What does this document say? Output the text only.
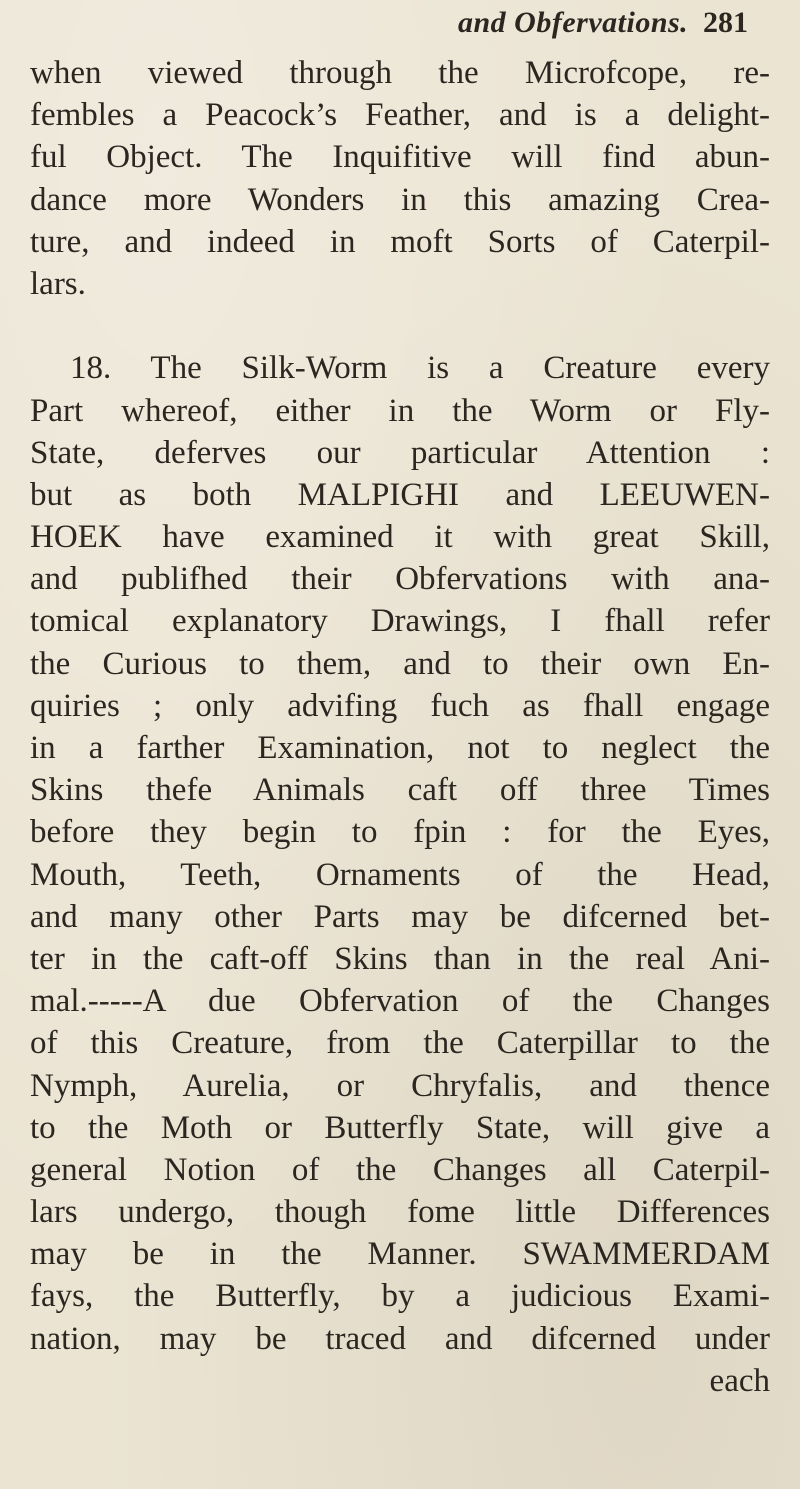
and Obfervations. 281
when viewed through the Microfcope, re-
fembles a Peacock’s Feather, and is a delight-
ful Object. The Inquifitive will find abun-
dance more Wonders in this amazing Crea-
ture, and indeed in moft Sorts of Caterpil-
lars.
18. The Silk-Worm is a Creature every
Part whereof, either in the Worm or Fly-
State, deferves our particular Attention :
but as both MALPIGHI and LEEUWEN-
HOEK have examined it with great Skill,
and publifhed their Obfervations with ana-
tomical explanatory Drawings, I fhall refer
the Curious to them, and to their own En-
quiries ; only advifing fuch as fhall engage
in a farther Examination, not to neglect the
Skins thefe Animals caft off three Times
before they begin to fpin : for the Eyes,
Mouth, Teeth, Ornaments of the Head,
and many other Parts may be difcerned bet-
ter in the caft-off Skins than in the real Ani-
mal.-----A due Obfervation of the Changes
of this Creature, from the Caterpillar to the
Nymph, Aurelia, or Chryfalis, and thence
to the Moth or Butterfly State, will give a
general Notion of the Changes all Caterpil-
lars undergo, though fome little Differences
may be in the Manner. SWAMMERDAM
fays, the Butterfly, by a judicious Exami-
nation, may be traced and difcerned under
each
